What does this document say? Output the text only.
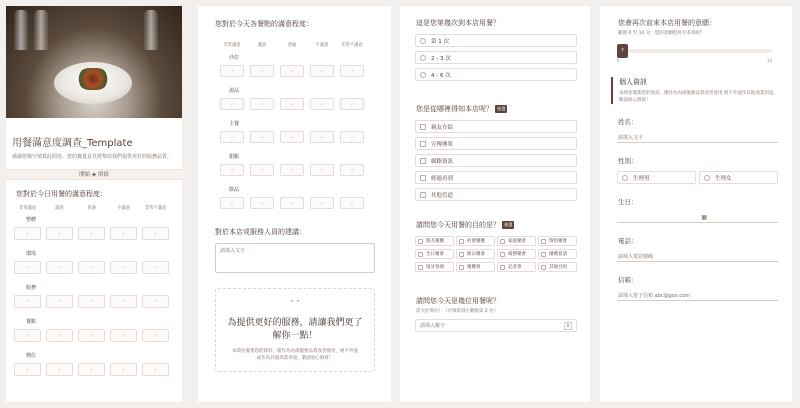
用餐滿意度調查_Template
感謝您撥空填寫此問卷，您的寶貴意見將幫助我們提供更好的服務品質。
開始 ◈ 填寫
您對於今日用餐的滿意程度：
非常滿意	滿意	普通	不滿意	非常不滿意
整體
✓
✓
✓
✓
✓
環境
✓
✓
✓
✓
✓
服務
✓
✓
✓
✓
✓
餐點
✓
✓
✓
✓
✓
價位
✓
✓
✓
✓
✓
您對於今天各餐點的滿意程度：
非常滿意	滿意	普通	不滿意	非常不滿意
沙拉
✓
✓
✓
✓
✓
湯品
✓
✓
✓
✓
✓
主餐
✓
✓
✓
✓
✓
甜點
✓
✓
✓
✓
✓
飲品
✓
✓
✓
✓
✓
對於本店或服務人員的建議：
請填入文字
“ ”
為提供更好的服務，請讓我們更了解你一點！
本問卷蒐集您的資料，僅作為內部服務品質改善使用，絕不外流或作為其他商業用途，敬請放心填寫！
這是您第幾次到本店用餐？
第 1 次
2 - 3 次
4 - 6 次
您是從哪裡得知本店呢？ 複選
親友介紹
宣傳傳單
網路資訊
經過看到
其他管道
請問您今天用餐的目的是？ 複選
朋友聚餐	約會聚餐	家庭聚會	情侶聚會
生日聚會	節日聚會	商務聚會	婚禮宴請
尾牙春酒	聚餐會	記者會	其他目的
請問您今天是幾位用餐呢？
需大於零位！（可填寫到小數點第 2 位）
請填入數字	⇕
您會再次前來本店用餐的意願：
範圍 0 至 10 分，您的意願程度有多高呢？
?
0	10
個人資訊
本問卷蒐集您的資訊，僅作為內部服務品質改善使用 絕不外流作其他商業用途，敬請放心填寫！
姓名：
請填入文字
性別：
生理男	生理女
生日：
▦
電話：
請填入電話號碼
信箱：
請填入電子信箱 abc@goo.com
